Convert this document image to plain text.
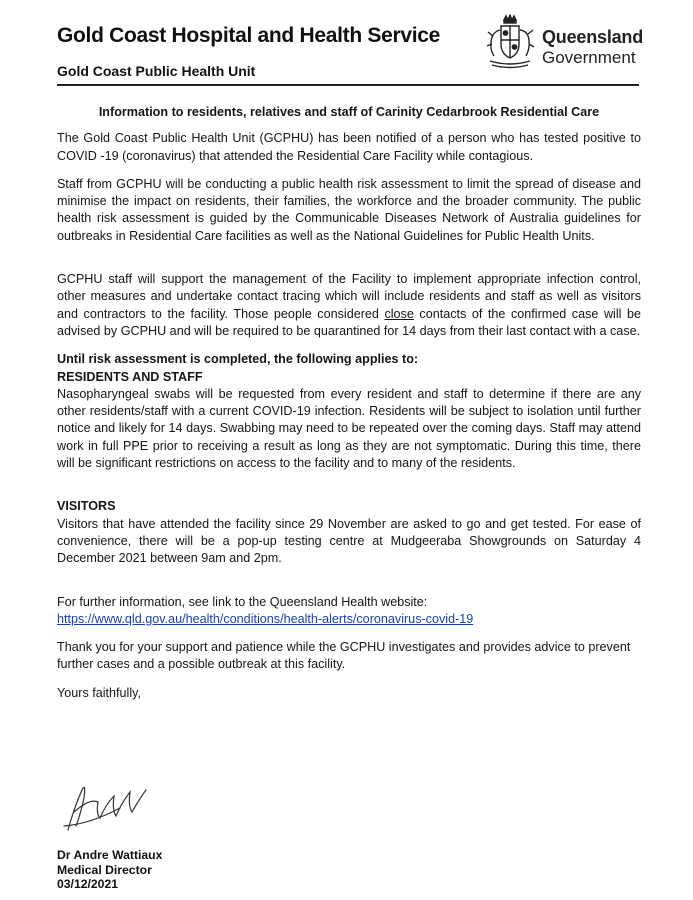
Gold Coast Hospital and Health Service
Gold Coast Public Health Unit
Queensland
Government

Information to residents, relatives and staff of Carinity Cedarbrook Residential Care

The Gold Coast Public Health Unit (GCPHU) has been notified of a person who has tested positive to COVID -19 (coronavirus) that attended the Residential Care Facility while contagious.

Staff from GCPHU will be conducting a public health risk assessment to limit the spread of disease and minimise the impact on residents, their families, the workforce and the broader community. The public health risk assessment is guided by the Communicable Diseases Network of Australia guidelines for outbreaks in Residential Care facilities as well as the National Guidelines for Public Health Units.

GCPHU staff will support the management of the Facility to implement appropriate infection control, other measures and undertake contact tracing which will include residents and staff as well as visitors and contractors to the facility. Those people considered close contacts of the confirmed case will be advised by GCPHU and will be required to be quarantined for 14 days from their last contact with a case.

Until risk assessment is completed, the following applies to:

RESIDENTS AND STAFF

Nasopharyngeal swabs will be requested from every resident and staff to determine if there are any other residents/staff with a current COVID-19 infection. Residents will be subject to isolation until further notice and likely for 14 days. Swabbing may need to be repeated over the coming days. Staff may attend work in full PPE prior to receiving a result as long as they are not symptomatic. During this time, there will be significant restrictions on access to the facility and to many of the residents.

VISITORS

Visitors that have attended the facility since 29 November are asked to go and get tested. For ease of convenience, there will be a pop-up testing centre at Mudgeeraba Showgrounds on Saturday 4 December 2021 between 9am and 2pm.

For further information, see link to the Queensland Health website:

https://www.qld.gov.au/health/conditions/health-alerts/coronavirus-covid-19

Thank you for your support and patience while the GCPHU investigates and provides advice to prevent further cases and a possible outbreak at this facility.

Yours faithfully,

Dr Andre Wattiaux
Medical Director
03/12/2021
